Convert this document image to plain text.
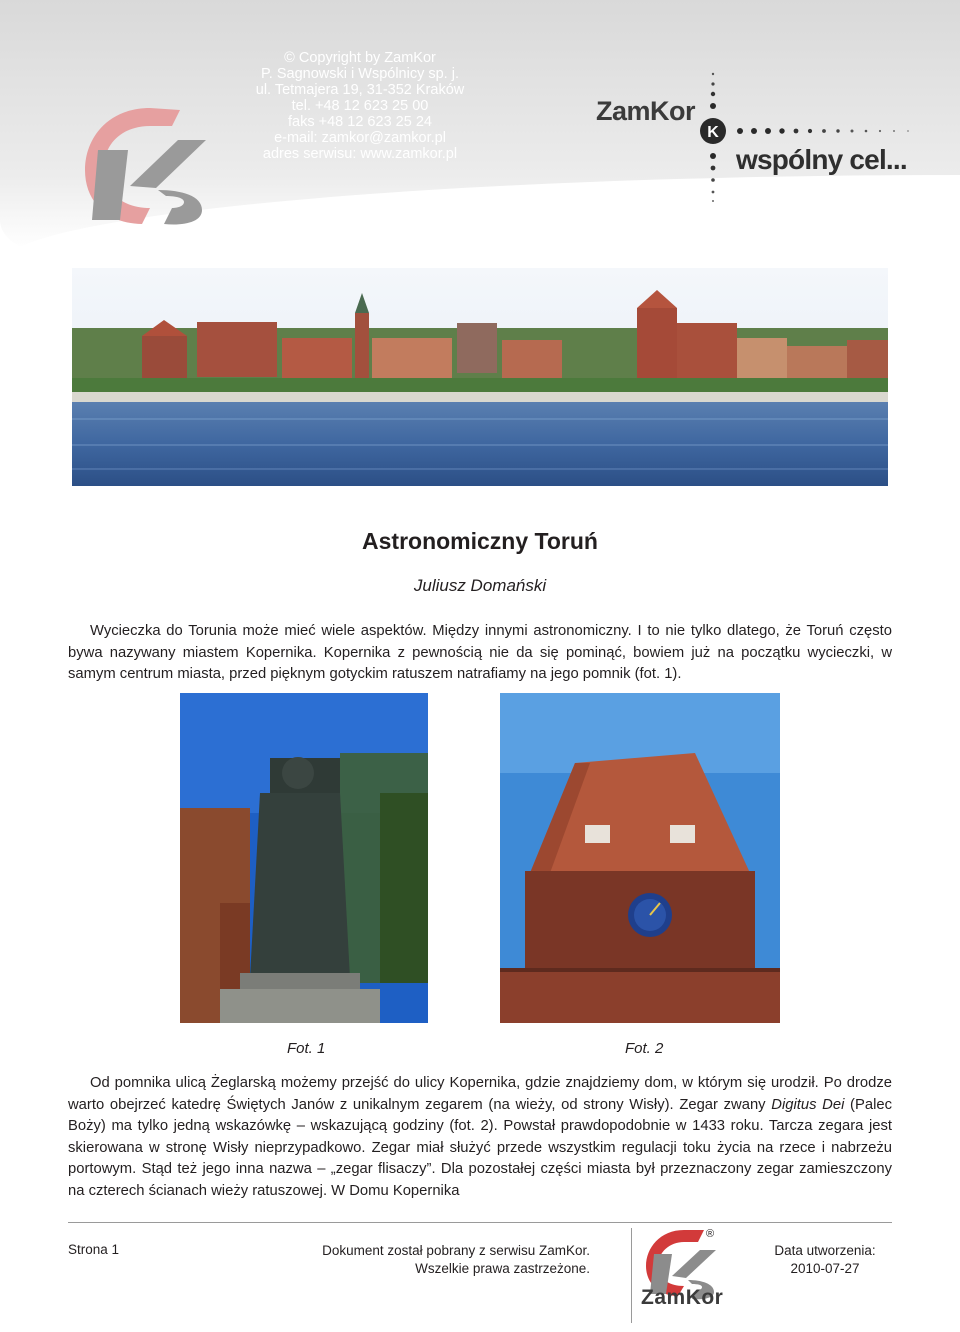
© Copyright by ZamKor
P. Sagnowski i Wspólnicy sp. j.
ul. Tetmajera 19, 31-352 Kraków
tel. +48 12 623 25 00
faks +48 12 623 25 24
e-mail: zamkor@zamkor.pl
adres serwisu: www.zamkor.pl
K
ZamKor
wspólny cel...
Astronomiczny Toruń
Juliusz Domański
Wycieczka do Torunia może mieć wiele aspektów. Między innymi astronomiczny. I to nie tylko dlatego, że Toruń często bywa nazywany miastem Kopernika. Kopernika z pewnością nie da się pominąć, bowiem już na początku wycieczki, w samym centrum miasta, przed pięknym gotyckim ratuszem natrafiamy na jego pomnik (fot. 1).
Fot. 1	Fot. 2
Od pomnika ulicą Żeglarską możemy przejść do ulicy Kopernika, gdzie znajdziemy dom, w którym się urodził. Po drodze warto obejrzeć katedrę Świętych Janów z unikalnym zegarem (na wieży, od strony Wisły). Zegar zwany Digitus Dei (Palec Boży) ma tylko jedną wskazówkę – wskazującą godziny (fot. 2). Powstał prawdopodobnie w 1433 roku. Tarcza zegara jest skierowana w stronę Wisły nieprzypadkowo. Zegar miał służyć przede wszystkim regulacji toku życia na rzece i nabrzeżu portowym. Stąd też jego inna nazwa – „zegar flisaczy”. Dla pozostałej części miasta był przeznaczony zegar zamieszczony na czterech ścianach wieży ratuszowej. W Domu Kopernika
Strona 1	Dokument został pobrany z serwisu ZamKor.
Wszelkie prawa zastrzeżone.
®
ZamKor
Data utworzenia:
2010-07-27
